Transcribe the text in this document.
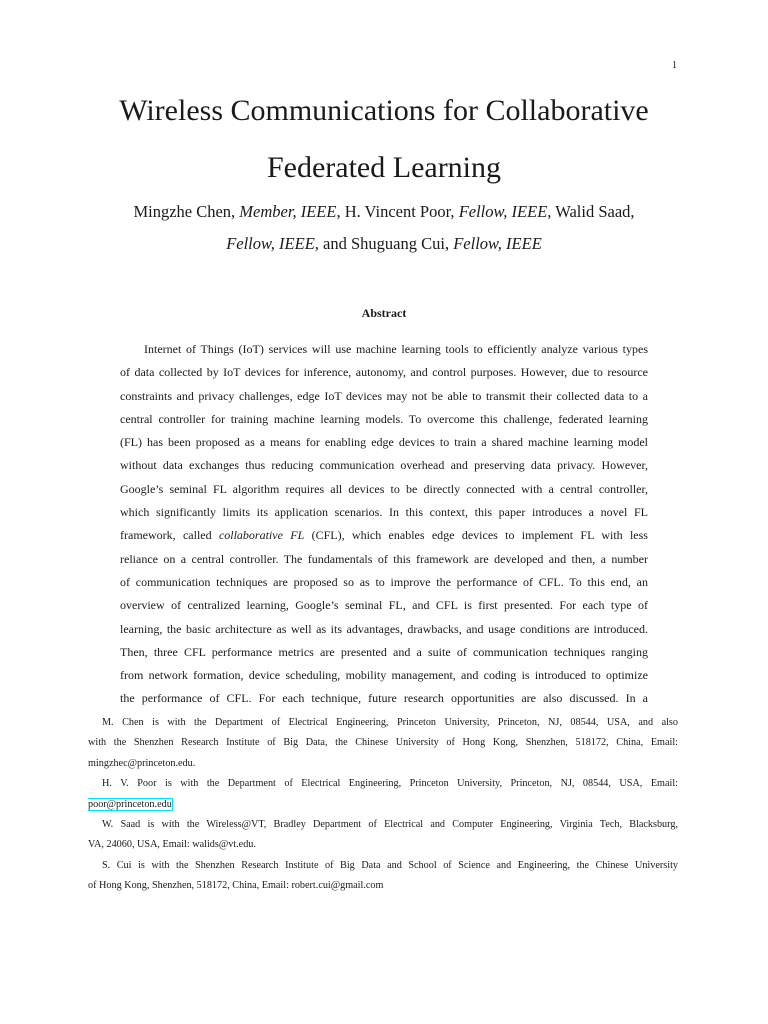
1
Wireless Communications for Collaborative
Federated Learning
Mingzhe Chen, Member, IEEE, H. Vincent Poor, Fellow, IEEE, Walid Saad,
Fellow, IEEE, and Shuguang Cui, Fellow, IEEE
Abstract
Internet of Things (IoT) services will use machine learning tools to efficiently analyze various types
of data collected by IoT devices for inference, autonomy, and control purposes. However, due to resource
constraints and privacy challenges, edge IoT devices may not be able to transmit their collected data to a
central controller for training machine learning models. To overcome this challenge, federated learning
(FL) has been proposed as a means for enabling edge devices to train a shared machine learning model
without data exchanges thus reducing communication overhead and preserving data privacy. However,
Google’s seminal FL algorithm requires all devices to be directly connected with a central controller,
which significantly limits its application scenarios. In this context, this paper introduces a novel FL
framework, called collaborative FL (CFL), which enables edge devices to implement FL with less
reliance on a central controller. The fundamentals of this framework are developed and then, a number
of communication techniques are proposed so as to improve the performance of CFL. To this end, an
overview of centralized learning, Google’s seminal FL, and CFL is first presented. For each type of
learning, the basic architecture as well as its advantages, drawbacks, and usage conditions are introduced.
Then, three CFL performance metrics are presented and a suite of communication techniques ranging
from network formation, device scheduling, mobility management, and coding is introduced to optimize
the performance of CFL. For each technique, future research opportunities are also discussed. In a
M. Chen is with the Department of Electrical Engineering, Princeton University, Princeton, NJ, 08544, USA, and also
with the Shenzhen Research Institute of Big Data, the Chinese University of Hong Kong, Shenzhen, 518172, China, Email:
mingzhec@princeton.edu.
H. V. Poor is with the Department of Electrical Engineering, Princeton University, Princeton, NJ, 08544, USA, Email:
poor@princeton.edu
W. Saad is with the Wireless@VT, Bradley Department of Electrical and Computer Engineering, Virginia Tech, Blacksburg,
VA, 24060, USA, Email: walids@vt.edu.
S. Cui is with the Shenzhen Research Institute of Big Data and School of Science and Engineering, the Chinese University
of Hong Kong, Shenzhen, 518172, China, Email: robert.cui@gmail.com
